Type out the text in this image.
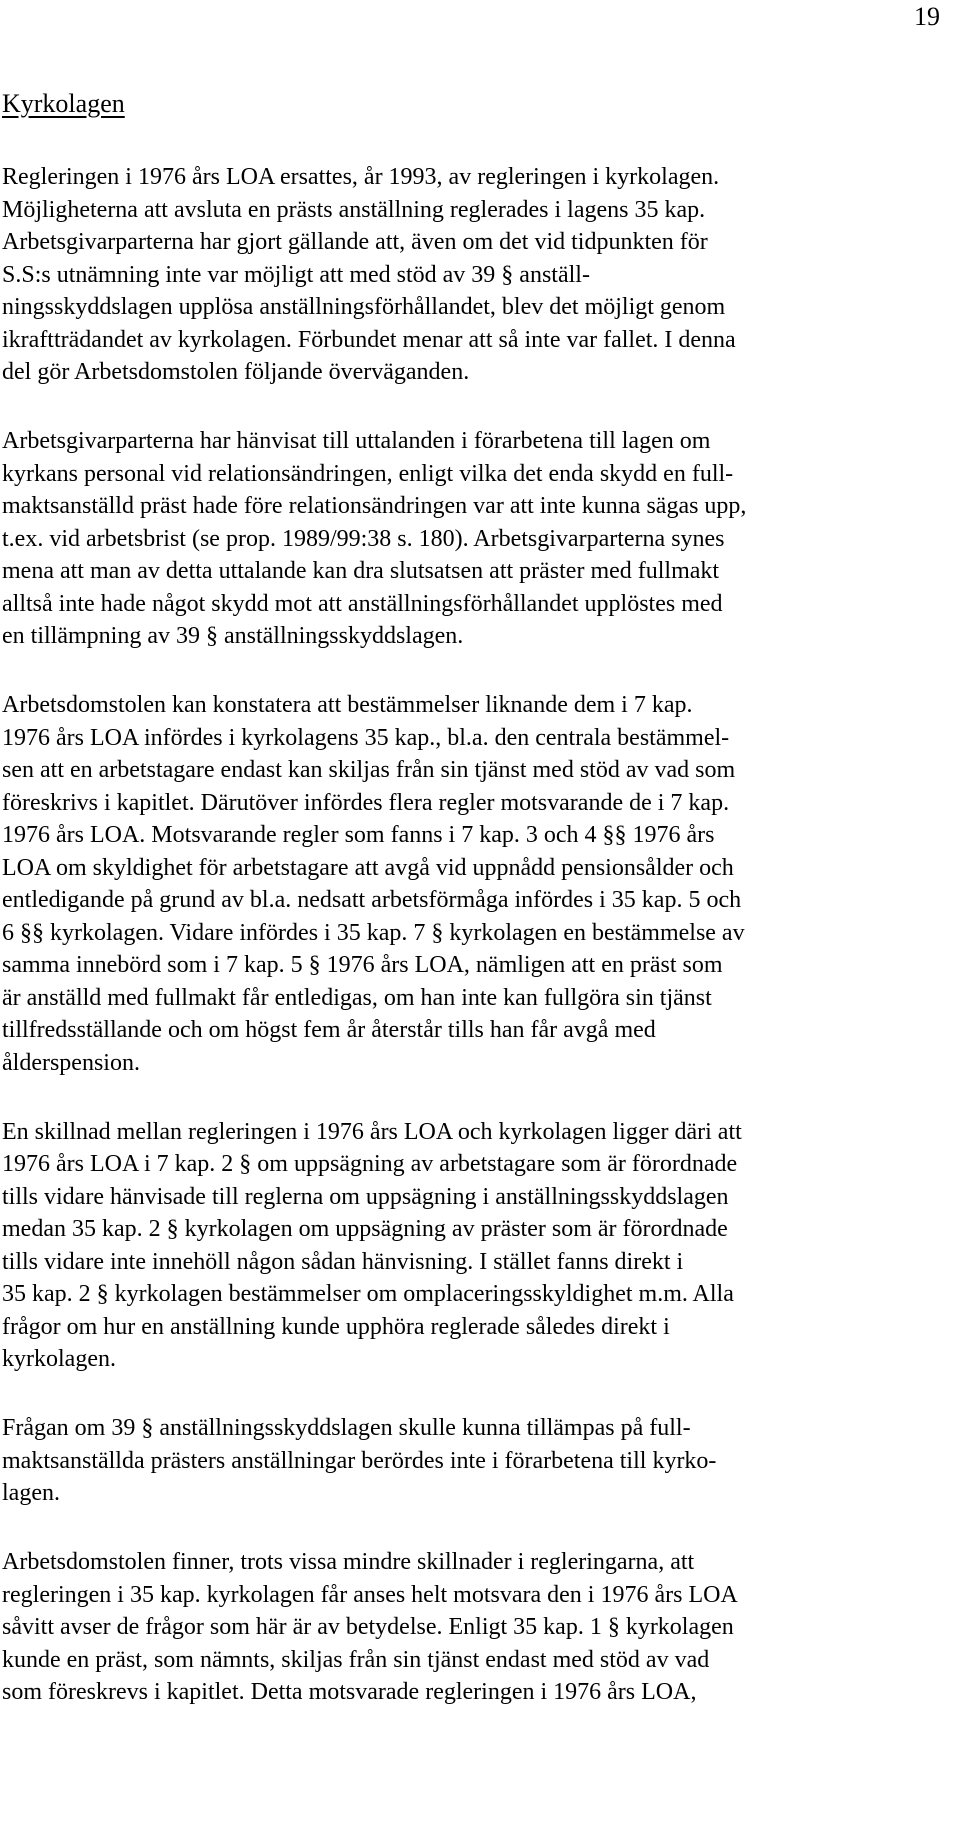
19
Kyrkolagen
Regleringen i 1976 års LOA ersattes, år 1993, av regleringen i kyrkolagen.
Möjligheterna att avsluta en prästs anställning reglerades i lagens 35 kap.
Arbetsgivarparterna har gjort gällande att, även om det vid tidpunkten för
S.S:s utnämning inte var möjligt att med stöd av 39 § anställ-
ningsskyddslagen upplösa anställningsförhållandet, blev det möjligt genom
ikraftträdandet av kyrkolagen. Förbundet menar att så inte var fallet. I denna
del gör Arbetsdomstolen följande överväganden.
Arbetsgivarparterna har hänvisat till uttalanden i förarbetena till lagen om
kyrkans personal vid relationsändringen, enligt vilka det enda skydd en full-
maktsanställd präst hade före relationsändringen var att inte kunna sägas upp,
t.ex. vid arbetsbrist (se prop. 1989/99:38 s. 180). Arbetsgivarparterna synes
mena att man av detta uttalande kan dra slutsatsen att präster med fullmakt
alltså inte hade något skydd mot att anställningsförhållandet upplöstes med
en tillämpning av 39 § anställningsskyddslagen.
Arbetsdomstolen kan konstatera att bestämmelser liknande dem i 7 kap.
1976 års LOA infördes i kyrkolagens 35 kap., bl.a. den centrala bestämmel-
sen att en arbetstagare endast kan skiljas från sin tjänst med stöd av vad som
föreskrivs i kapitlet. Därutöver infördes flera regler motsvarande de i 7 kap.
1976 års LOA. Motsvarande regler som fanns i 7 kap. 3 och 4 §§ 1976 års
LOA om skyldighet för arbetstagare att avgå vid uppnådd pensionsålder och
entledigande på grund av bl.a. nedsatt arbetsförmåga infördes i 35 kap. 5 och
6 §§ kyrkolagen. Vidare infördes i 35 kap. 7 § kyrkolagen en bestämmelse av
samma innebörd som i 7 kap. 5 § 1976 års LOA, nämligen att en präst som
är anställd med fullmakt får entledigas, om han inte kan fullgöra sin tjänst
tillfredsställande och om högst fem år återstår tills han får avgå med
ålderspension.
En skillnad mellan regleringen i 1976 års LOA och kyrkolagen ligger däri att
1976 års LOA i 7 kap. 2 § om uppsägning av arbetstagare som är förordnade
tills vidare hänvisade till reglerna om uppsägning i anställningsskyddslagen
medan 35 kap. 2 § kyrkolagen om uppsägning av präster som är förordnade
tills vidare inte innehöll någon sådan hänvisning. I stället fanns direkt i
35 kap. 2 § kyrkolagen bestämmelser om omplaceringsskyldighet m.m. Alla
frågor om hur en anställning kunde upphöra reglerade således direkt i
kyrkolagen.
Frågan om 39 § anställningsskyddslagen skulle kunna tillämpas på full-
maktsanställda prästers anställningar berördes inte i förarbetena till kyrko-
lagen.
Arbetsdomstolen finner, trots vissa mindre skillnader i regleringarna, att
regleringen i 35 kap. kyrkolagen får anses helt motsvara den i 1976 års LOA
såvitt avser de frågor som här är av betydelse. Enligt 35 kap. 1 § kyrkolagen
kunde en präst, som nämnts, skiljas från sin tjänst endast med stöd av vad
som föreskrevs i kapitlet. Detta motsvarade regleringen i 1976 års LOA,
